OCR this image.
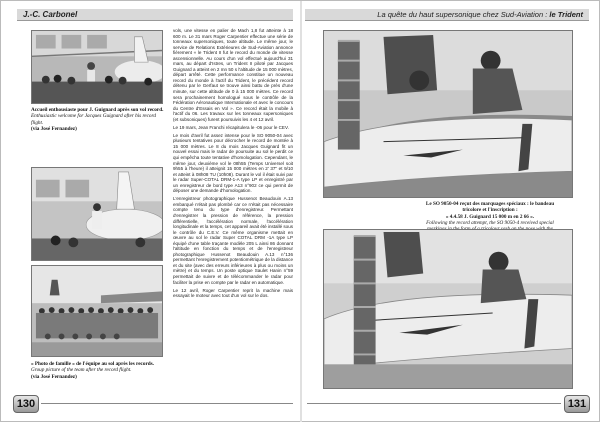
J.-C. Carbonel	La quête du haut supersonique chez Sud-Aviation : le Trident
Accueil enthousiaste pour J. Guignard après son vol record.
Enthusiastic welcome for Jacques Guignard after his record flight.
(via José Fernandez)
« Photo de famille » de l'équipe au sol après les records.
Group picture of the team after the record flight.
(via José Fernandez)

vols, une vitesse en palier de Mach 1,8 fut atteinte à 18 600 m. Le 31 mars Roger Carpentier effectue une série de tonneaux supersoniques, toute altitude. Le même jour, le service de Relations Extérieures de Sud-Aviation annonce fièrement « le Trident II fut le record du monde de vitesse ascensionnelle. Au cours d'un vol effectué aujourd'hui 31 mars, au départ d'Istres, un Trident II piloté par Jacques Guignard a atteint en 2 mn 50 s l'altitude de 15 000 mètres, départ arrêté. Cette performance constitue un nouveau record du monde à l'actif du Trident, le précédent record détenu par le Gerfaut se trouve ainsi battu de près d'une minute, sur cette altitude de 0 à 15 000 mètres. Ce record sera prochainement homologué sous le contrôle de la Fédération Aéronautique Internationale et avec le concours du Centre d'Essais en Vol ». Ce record était la mobile à l'actif du 06. Les travaux sur les tonneaux supersoniques (et subsoniques) furent poursuivis les 4 et 12 avril.

Le 19 mars, Jean Franchi récapitulera le -06 pour le CEV.

Le mois d'avril fut assez intense pour le SO 9050-04 avec plusieurs tentatives pour décrocher le record de montée à 15 000 mètres. Le 8 du mois Jacques Guignard fit un nouvel essai mais le radar de poursuite au sol le perdit ce qui empêcha toute tentative d'homologation. Cependant, le même jour, deuxième vol le 08h55 (Temps Universel soit 9h55 à l'heure) il atteignit 15 000 mètres en 2' 37" et 9/10 et atteint à 08h08 TU (10h08). Durant le vol il était suivi par le radar Super-COTAL DRM-1-A type LP et enregistré par un enregistreur de bord type A13 n°902 ce qui permit de déposer une demande d'homologation.

L'enregistreur photographique Hussenot Beaudouin A.13 embarqué n'était pas plombé car ce n'était pas nécessaire compte tenu du type d'enregistreur. Permettant d'enregistrer la pression de référence, la pression différentielle, l'accélération normale, l'accélération longitudinale et la temps, cet appareil avait été installé sous le contrôle du C.E.V. Ce même organisme mettait en œuvre au sol le radar Super COTAL DRM -1A type LP équipé d'une table traçante modèle 205 L ainsi 86 donnant l'altitude en fonction du temps et de l'enregistreur photographique Hussenot Beaudouin A.13 n°136 permettant l'enregistrement potentiométrique de la distance et du site (avec des erreurs inférieures à plus ou moins un mètre) et du temps. Un poste optique Saulet Hanin n°59 permettait de suivre et de télécommander le radar pour faciliter la prise en compte par le radar en automatique.

Le 12 avril, Roger Carpentier reprit la machine mais essayait le moteur avec tout d'un vol sur le dos.

Le SO 9050-04 reçut des marquages spéciaux : le bandeau tricolore et l'inscription :
« 4.4.58 J. Guignard 15 000 m en 2 66 ».
Following the record attempt, the SO 9050-4 received special
130	131
